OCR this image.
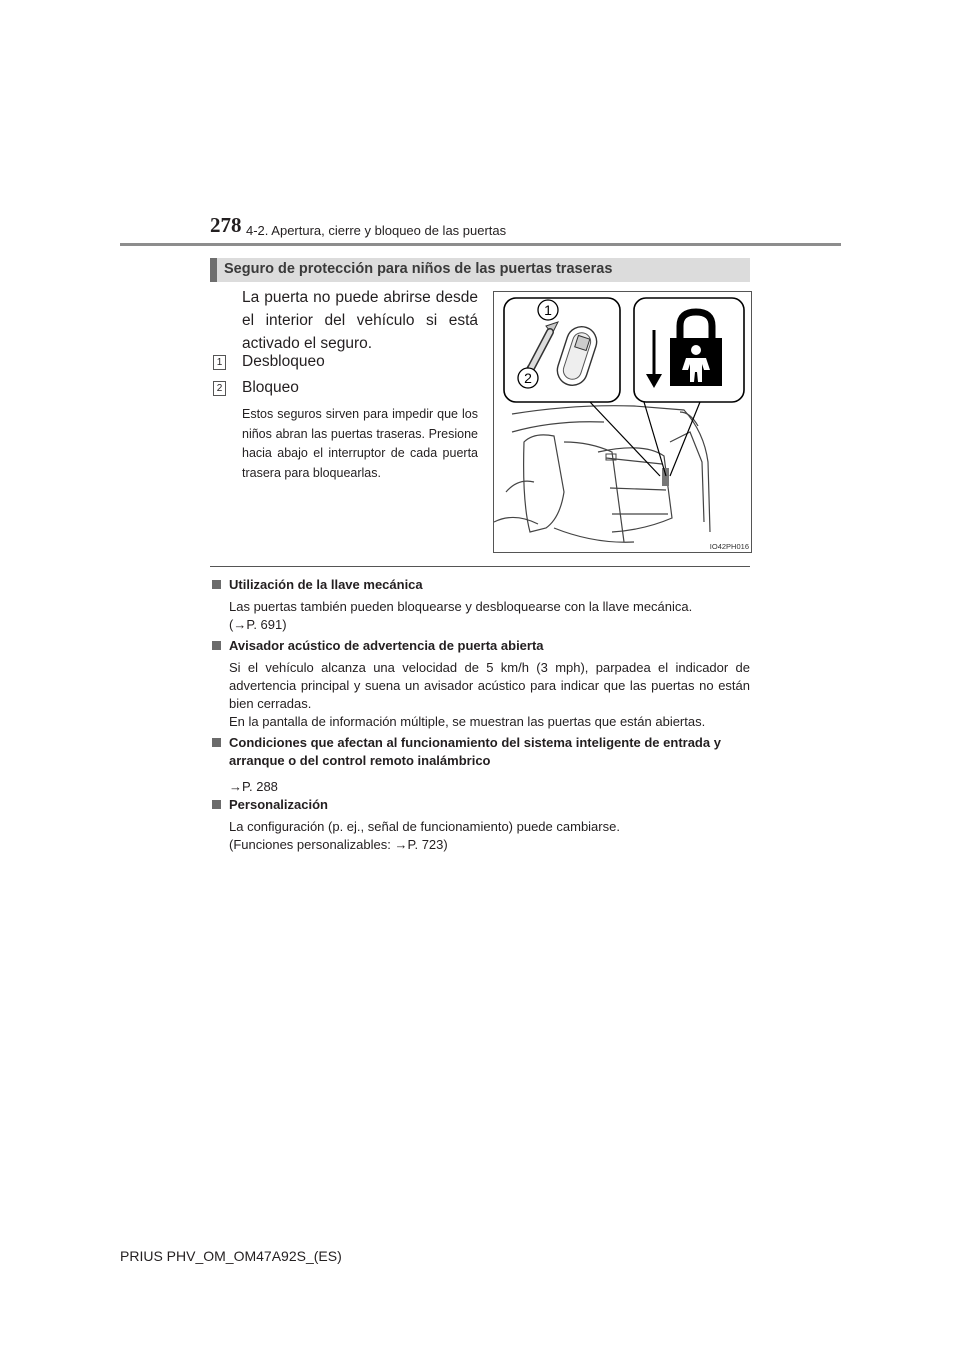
278 4-2. Apertura, cierre y bloqueo de las puertas
Seguro de protección para niños de las puertas traseras
La puerta no puede abrirse desde el interior del vehículo si está activado el seguro.
1 Desbloqueo
2 Bloqueo
Estos seguros sirven para impedir que los niños abran las puertas traseras. Presione hacia abajo el interruptor de cada puerta trasera para bloquearlas.
1
2
IO42PH016
Utilización de la llave mecánica

Las puertas también pueden bloquearse y desbloquearse con la llave mecánica.

(→P. 691)

Avisador acústico de advertencia de puerta abierta

Si el vehículo alcanza una velocidad de 5 km/h (3 mph), parpadea el indicador de advertencia principal y suena un avisador acústico para indicar que las puertas no están bien cerradas.

En la pantalla de información múltiple, se muestran las puertas que están abiertas.

Condiciones que afectan al funcionamiento del sistema inteligente de entrada y arranque o del control remoto inalámbrico

→P. 288

Personalización

La configuración (p. ej., señal de funcionamiento) puede cambiarse.

(Funciones personalizables: →P. 723)

PRIUS PHV_OM_OM47A92S_(ES)
